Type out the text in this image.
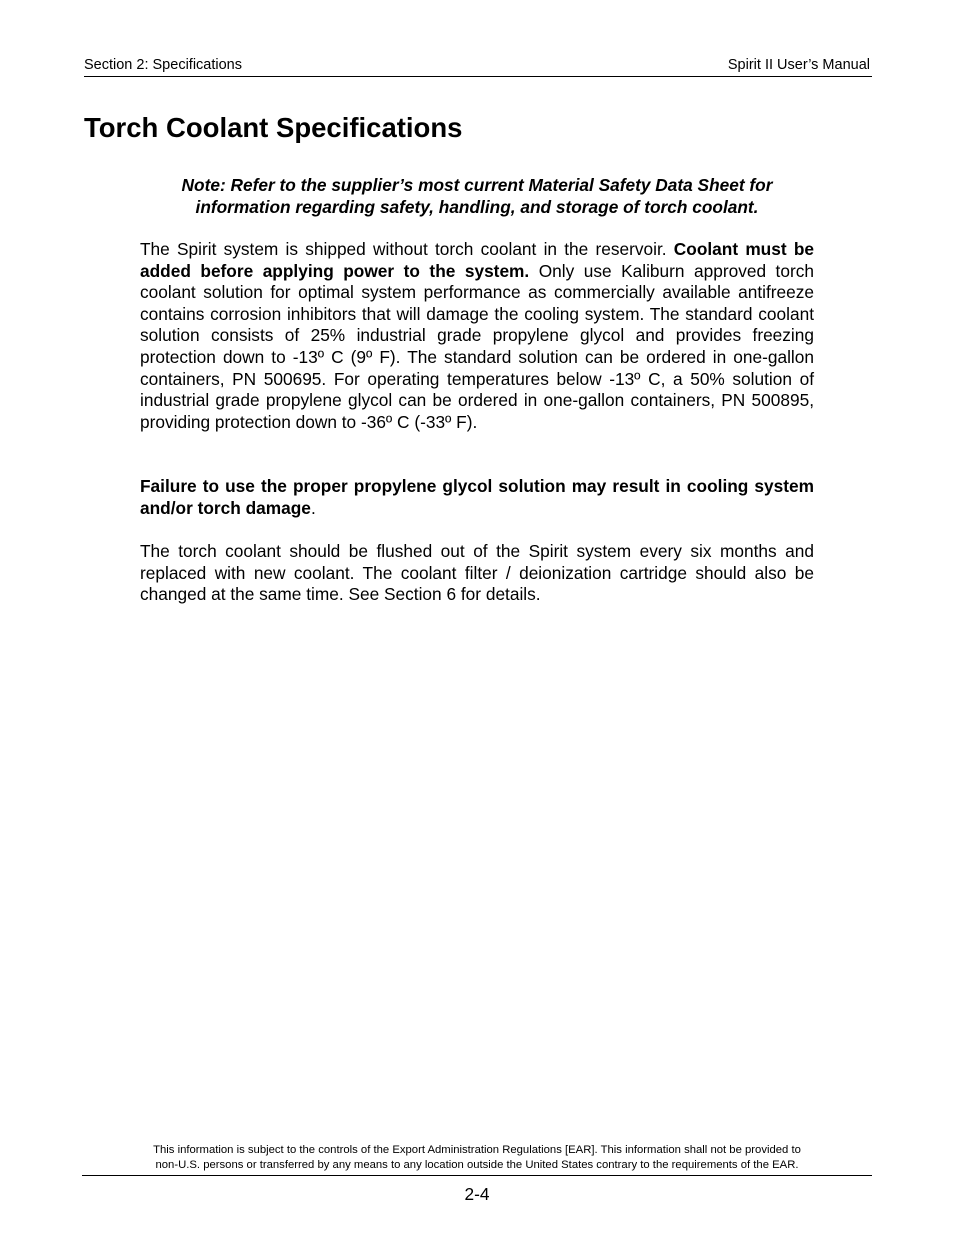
Section 2: Specifications	Spirit II User’s Manual
Torch Coolant Specifications
Note: Refer to the supplier’s most current Material Safety Data Sheet for
information regarding safety, handling, and storage of torch coolant.

The Spirit system is shipped without torch coolant in the reservoir. Coolant must be added before applying power to the system. Only use Kaliburn approved torch coolant solution for optimal system performance as commercially available antifreeze contains corrosion inhibitors that will damage the cooling system. The standard coolant solution consists of 25% industrial grade propylene glycol and provides freezing protection down to -13º C (9º F). The standard solution can be ordered in one-gallon containers, PN 500695. For operating temperatures below -13º C, a 50% solution of industrial grade propylene glycol can be ordered in one-gallon containers, PN 500895, providing protection down to -36º C (-33º F).

Failure to use the proper propylene glycol solution may result in cooling system and/or torch damage.

The torch coolant should be flushed out of the Spirit system every six months and replaced with new coolant. The coolant filter / deionization cartridge should also be changed at the same time. See Section 6 for details.

This information is subject to the controls of the Export Administration Regulations [EAR]. This information shall not be provided to
non-U.S. persons or transferred by any means to any location outside the United States contrary to the requirements of the EAR.
2-4
